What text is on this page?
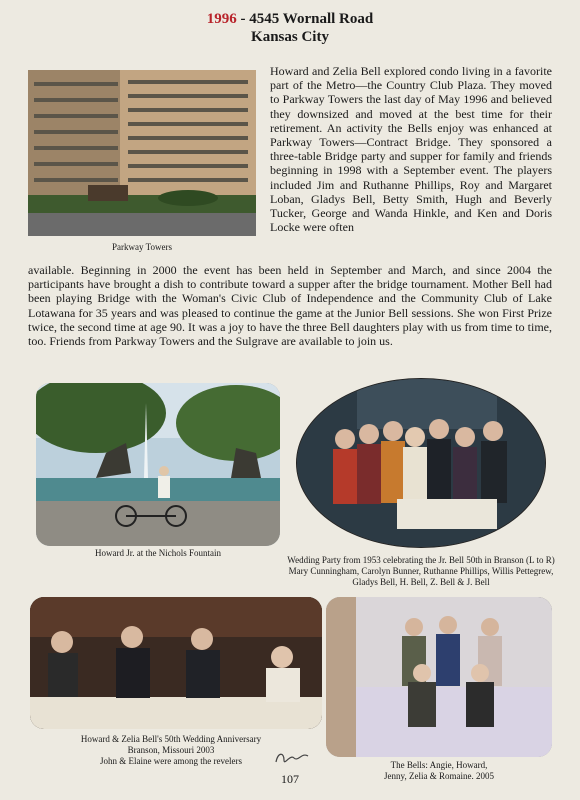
1996 - 4545 Wornall Road
Kansas City
Parkway Towers
Howard and Zelia Bell explored condo living in a favorite part of the Metro—the Country Club Plaza. They moved to Parkway Towers the last day of May 1996 and believed they downsized and moved at the best time for their retirement. An activity the Bells enjoy was enhanced at Parkway Towers—Contract Bridge. They sponsored a three-table Bridge party and supper for family and friends beginning in 1998 with a September event. The players included Jim and Ruthanne Phillips, Roy and Margaret Loban, Gladys Bell, Betty Smith, Hugh and Beverly Tucker, George and Wanda Hinkle, and Ken and Doris Locke were often
available. Beginning in 2000 the event has been held in September and March, and since 2004 the participants have brought a dish to contribute toward a supper after the bridge tournament. Mother Bell had been playing Bridge with the Woman's Civic Club of Independence and the Community Club of Lake Lotawana for 35 years and was pleased to continue the game at the Junior Bell sessions. She won First Prize twice, the second time at age 90. It was a joy to have the three Bell daughters play with us from time to time, too. Friends from Parkway Towers and the Sulgrave are available to join us.
Howard Jr. at the Nichols Fountain
Wedding Party from 1953 celebrating the Jr. Bell 50th in Branson (L to R) Mary Cunningham, Carolyn Bunner, Ruthanne Phillips, Willis Pettegrew, Gladys Bell, H. Bell, Z. Bell & J. Bell
Howard & Zelia Bell's 50th Wedding Anniversary
Branson, Missouri 2003
John & Elaine were among the revelers	The Bells: Angie, Howard,
Jenny, Zelia & Romaine. 2005
107
